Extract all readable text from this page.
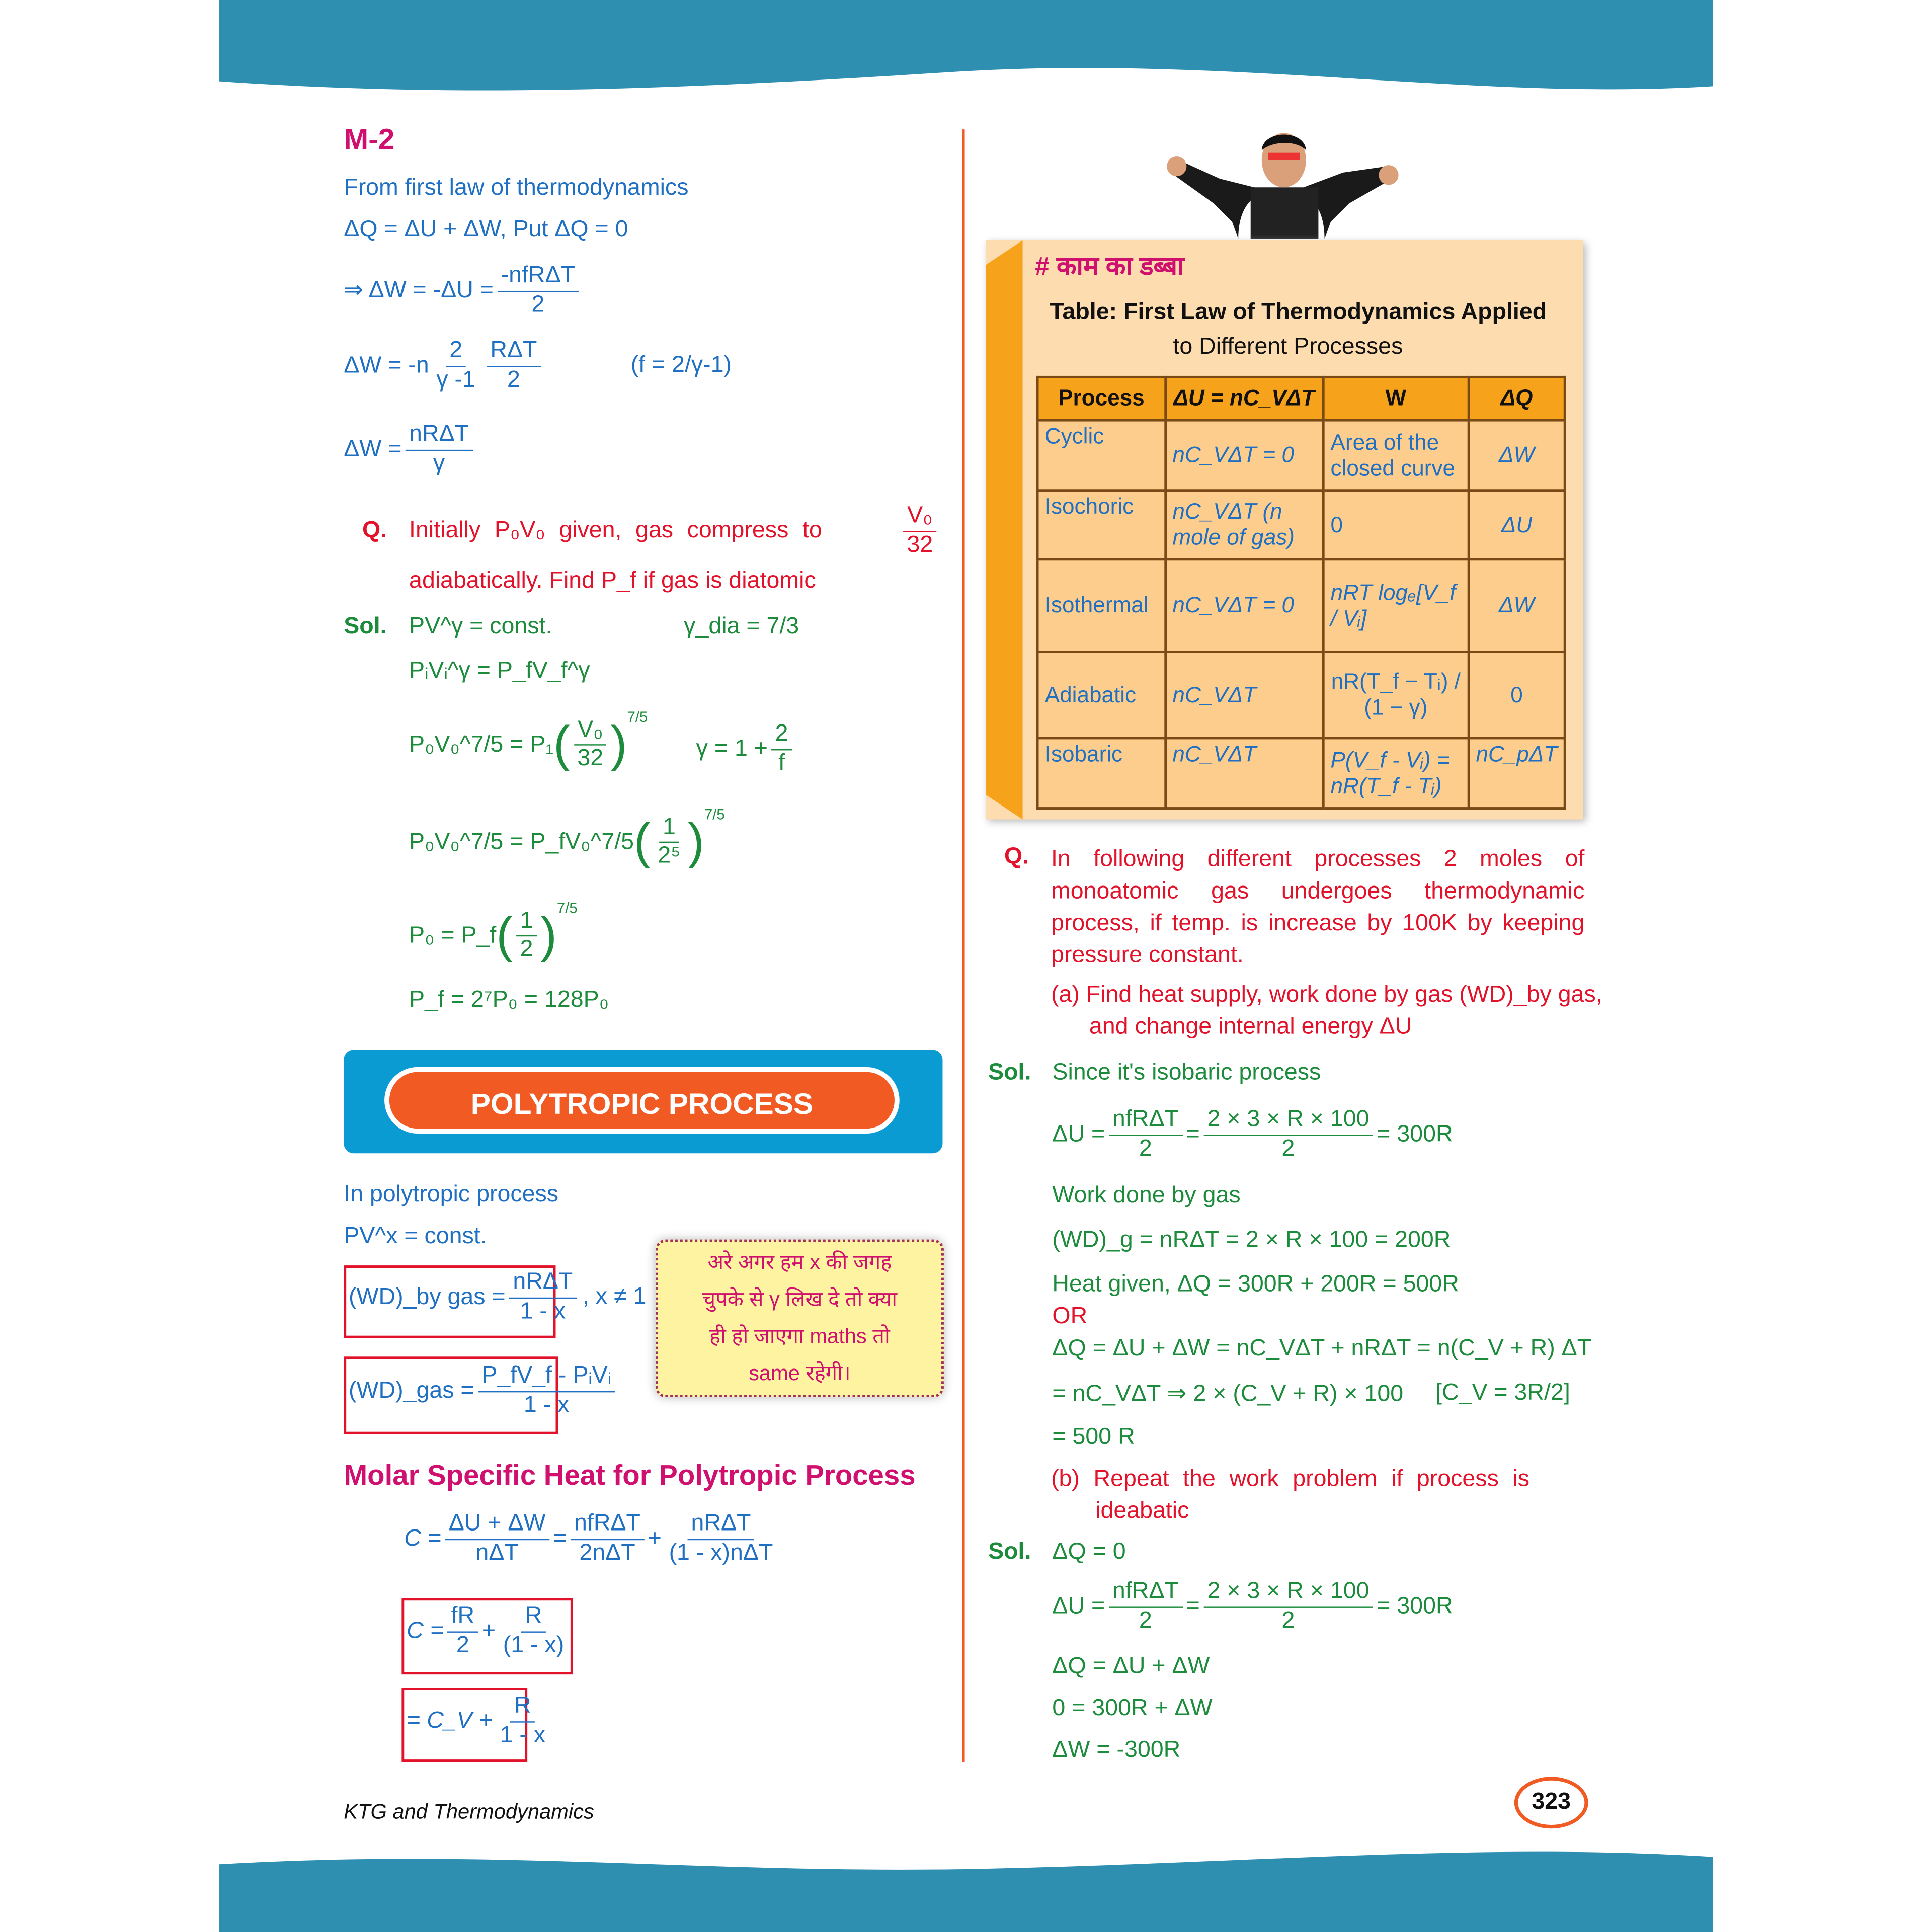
M-2
From first law of thermodynamics
ΔQ = ΔU + ΔW, Put ΔQ = 0
⇒ ΔW = -ΔU =
-nfRΔT
2
$\Delta W = -n \frac{2}{\gamma -1}$	RΔT
2
(f = 2/γ-1)
ΔW =
nRΔT
γ
Q. Initially P₀V₀ given, gas compress to	$\frac{\text{V₀}}{32}$
adiabatically. Find P_f if gas is diatomic
Sol. PV^γ = const.	γ_dia = 7/3
PᵢVᵢ^γ = P_fV_f^γ
P₀V₀^7/5 = $P_1( \frac{\text{V₀}}{32} )^{7/5}$
$\gamma = 1 + \frac{2}{f}$
P₀V₀^7/5 = P_fV₀^7/5( $\frac{1}{\text{2⁵}} )^{7/5}$
P₀ = P_f( $\frac{1}{2} )^{7/5}$
P_f = 2⁷P₀ = 128P₀
POLYTROPIC PROCESS
In polytropic process
PV^x = const.
(WD)_by gas =
nRΔT
1 - x
, x ≠ 1
(WD)_gas =
P_fV_f - PᵢVᵢ
1 - x
अरे अगर हम x की जगह
चुपके से γ लिख दे तो क्या
ही हो जाएगा maths तो
same रहेगी।
Molar Specific Heat for Polytropic Process
C =
ΔU + ΔW
nΔT
=
nfRΔT
2nΔT
+
nRΔT
(1 - x)nΔT
$C = \frac{fR}{2} + \frac{R}{(1 - x)}$
= C_V + $\frac{R}{1 - x}$
KTG and Thermodynamics
# काम का डब्बा
Table: First Law of Thermodynamics Applied
to Different Processes
Process	ΔU = nC_VΔT	W	ΔQ
Cyclic	nC_VΔT = 0	Area of the closed curve	ΔW
Isochoric	nC_VΔT (n mole of gas)	0	ΔU
Isothermal	nC_VΔT = 0	nRT logₑ[V_f / Vᵢ]	ΔW
Adiabatic	nC_VΔT	nR(T_f − Tᵢ) / (1 − γ)	0
Isobaric	nC_VΔT	P(V_f - Vᵢ) = nR(T_f - Tᵢ)	nC_pΔT
Q. In following different processes 2 moles of
monoatomic gas undergoes thermodynamic
process, if temp. is increase by 100K by keeping
pressure constant.
(a) Find heat supply, work done by gas (WD)_by gas,
and change internal energy ΔU
Sol. Since it's isobaric process
ΔU =
nfRΔT
2
= $\frac{2 \times 3 \times R \times 100}{2} = 300R$
Work done by gas
(WD)_g = nRΔT = 2 × R × 100 = 200R
Heat given, ΔQ = 300R + 200R = 500R
OR
ΔQ = ΔU + ΔW = nC_VΔT + nRΔT = n(C_V + R) ΔT
= nC_VΔT ⇒ 2 × (C_V + R) × 100	[C_V = 3R/2]
= 500 R
(b) Repeat the work problem if process is
ideabatic
Sol. ΔQ = 0
ΔU =
nfRΔT
2
= $\frac{2 \times 3 \times R \times 100}{2} = 300R$
ΔQ = ΔU + ΔW
0 = 300R + ΔW
ΔW = -300R
323
